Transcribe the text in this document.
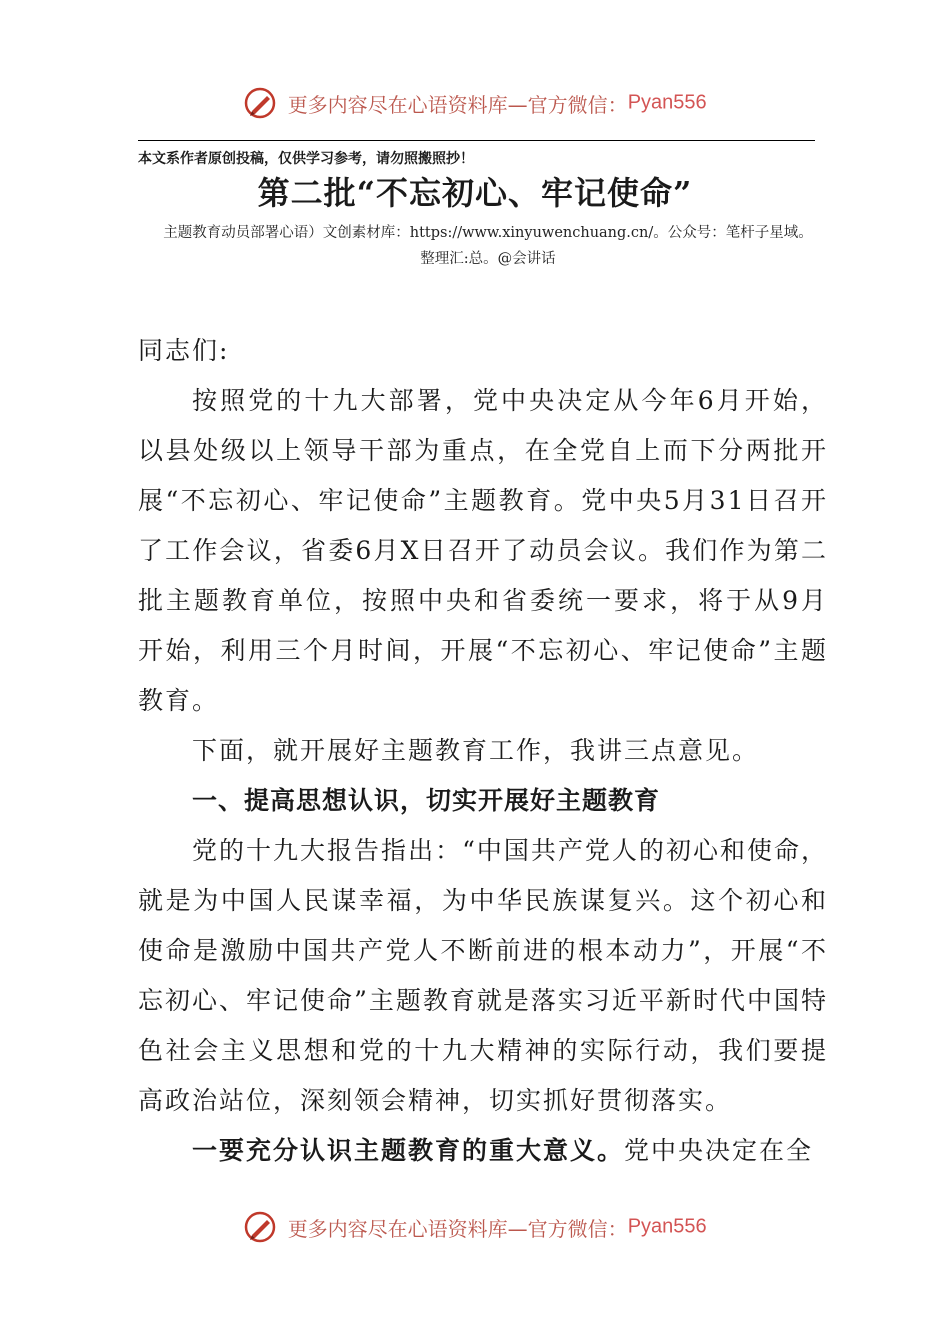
更多内容尽在心语资料库—官方微信：Pyan556
本文系作者原创投稿，仅供学习参考，请勿照搬照抄！
第二批“不忘初心、牢记使命”
主题教育动员部署心语）文创素材库：https://www.xinyuwenchuang.cn/。公众号：笔杆子星域。
整理汇:总。@会讲话

同志们:

按照党的十九大部署，党中央决定从今年6月开始，以县处级以上领导干部为重点，在全党自上而下分两批开展“不忘初心、牢记使命”主题教育。党中央5月31日召开了工作会议，省委6月X日召开了动员会议。我们作为第二批主题教育单位，按照中央和省委统一要求，将于从9月开始，利用三个月时间，开展“不忘初心、牢记使命”主题教育。

下面，就开展好主题教育工作，我讲三点意见。

一、提高思想认识，切实开展好主题教育

党的十九大报告指出：“中国共产党人的初心和使命，就是为中国人民谋幸福，为中华民族谋复兴。这个初心和使命是激励中国共产党人不断前进的根本动力”，开展“不忘初心、牢记使命”主题教育就是落实习近平新时代中国特色社会主义思想和党的十九大精神的实际行动，我们要提高政治站位，深刻领会精神，切实抓好贯彻落实。

一要充分认识主题教育的重大意义。党中央决定在全

更多内容尽在心语资料库—官方微信：Pyan556
